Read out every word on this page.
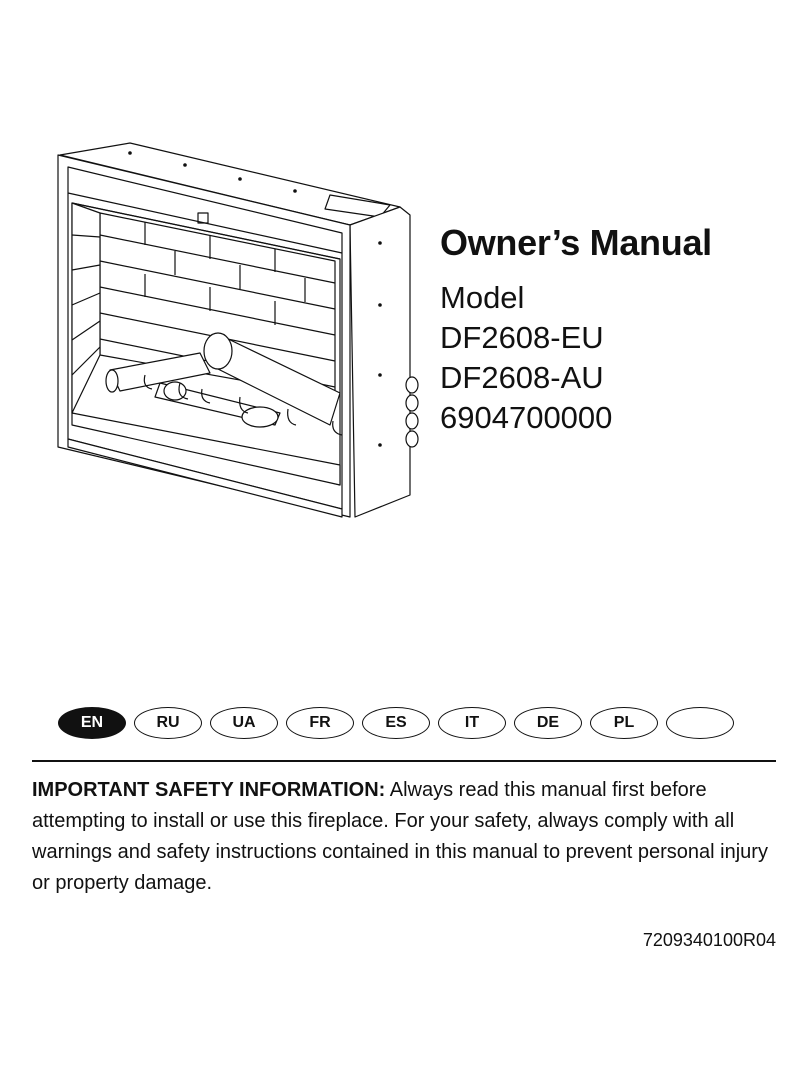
Owner’s Manual

Model

DF2608-EU

DF2608-AU

6904700000

EN	RU	UA	FR	ES	IT	DE	PL

IMPORTANT SAFETY INFORMATION: Always read this manual first before attempting to install or use this fireplace. For your safety, always comply with all warnings and safety instructions contained in this manual to prevent personal injury or property damage.

7209340100R04
